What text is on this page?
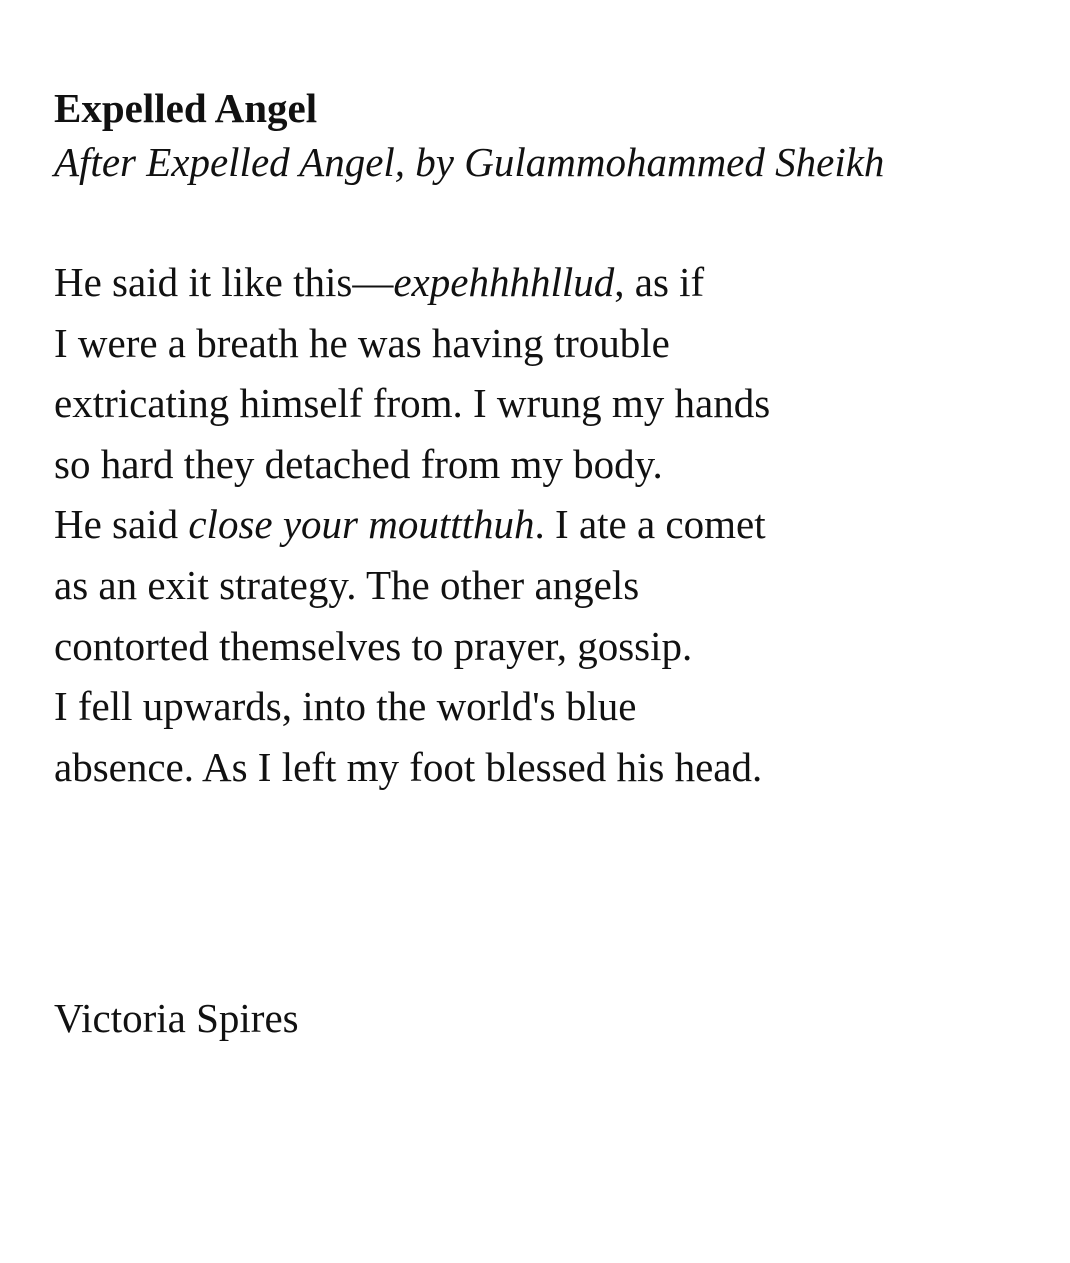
Expelled Angel

After Expelled Angel, by Gulammohammed Sheikh

He said it like this—expehhhhllud, as if
I were a breath he was having trouble
extricating himself from. I wrung my hands
so hard they detached from my body.
He said close your mouttthuh. I ate a comet
as an exit strategy. The other angels
contorted themselves to prayer, gossip.
I fell upwards, into the world's blue
absence. As I left my foot blessed his head.
Victoria Spires
